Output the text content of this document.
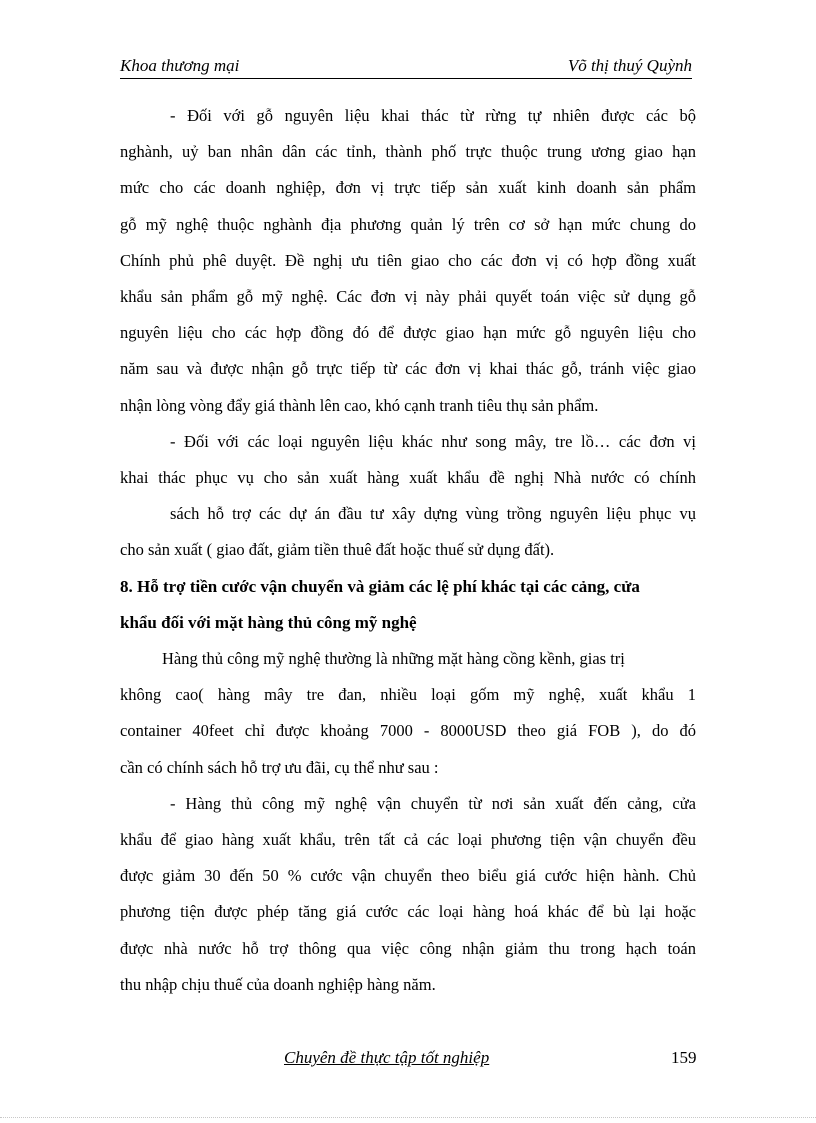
Khoa thương mại	Võ thị thuý Quỳnh
- Đối với gỗ nguyên liệu khai thác từ rừng tự nhiên được các bộ
nghành, uỷ ban nhân dân các tỉnh, thành phố trực thuộc trung ương giao hạn
mức cho các doanh nghiệp, đơn vị trực tiếp sản xuất kinh doanh sản phẩm
gỗ mỹ nghệ thuộc nghành địa phương quản lý trên cơ sở hạn mức chung do
Chính phủ phê duyệt. Đề nghị ưu tiên giao cho các đơn vị có hợp đồng xuất
khẩu sản phẩm gỗ mỹ nghệ. Các đơn vị này phải quyết toán việc sử dụng gỗ
nguyên liệu cho các hợp đồng đó để được giao hạn mức gỗ nguyên liệu cho
năm sau và được nhận gỗ trực tiếp từ các đơn vị khai thác gỗ, tránh việc giao
nhận lòng vòng đẩy giá thành lên cao, khó cạnh tranh tiêu thụ sản phẩm.
- Đối với các loại nguyên liệu khác như song mây, tre lồ… các đơn vị
khai thác phục vụ cho sản xuất hàng xuất khẩu đề nghị Nhà nước có chính
sách hỗ trợ các dự án đầu tư xây dựng vùng trồng nguyên liệu phục vụ
cho sản xuất ( giao đất, giảm tiền thuê đất hoặc thuế sử dụng đất).
8. Hỗ trợ tiền cước vận chuyển và giảm các lệ phí khác tại các cảng, cửa
khẩu đối với mặt hàng thủ công mỹ nghệ
Hàng thủ công mỹ nghệ thường là những mặt hàng cồng kềnh, gias trị
không cao( hàng mây tre đan, nhiều loại gốm mỹ nghệ, xuất khẩu 1
container 40feet chỉ được khoảng 7000 - 8000USD theo giá FOB ), do đó
cần có chính sách hỗ trợ ưu đãi, cụ thể như sau :
- Hàng thủ công mỹ nghệ vận chuyển từ nơi sản xuất đến cảng, cửa
khẩu để giao hàng xuất khẩu, trên tất cả các loại phương tiện vận chuyển đều
được giảm 30 đến 50 % cước vận chuyển theo biểu giá cước hiện hành. Chủ
phương tiện được phép tăng giá cước các loại hàng hoá khác để bù lại hoặc
được nhà nước hỗ trợ thông qua việc công nhận giảm thu trong hạch toán
thu nhập chịu thuế của doanh nghiệp hàng năm.
Chuyên đề thực tập tốt nghiệp	159
